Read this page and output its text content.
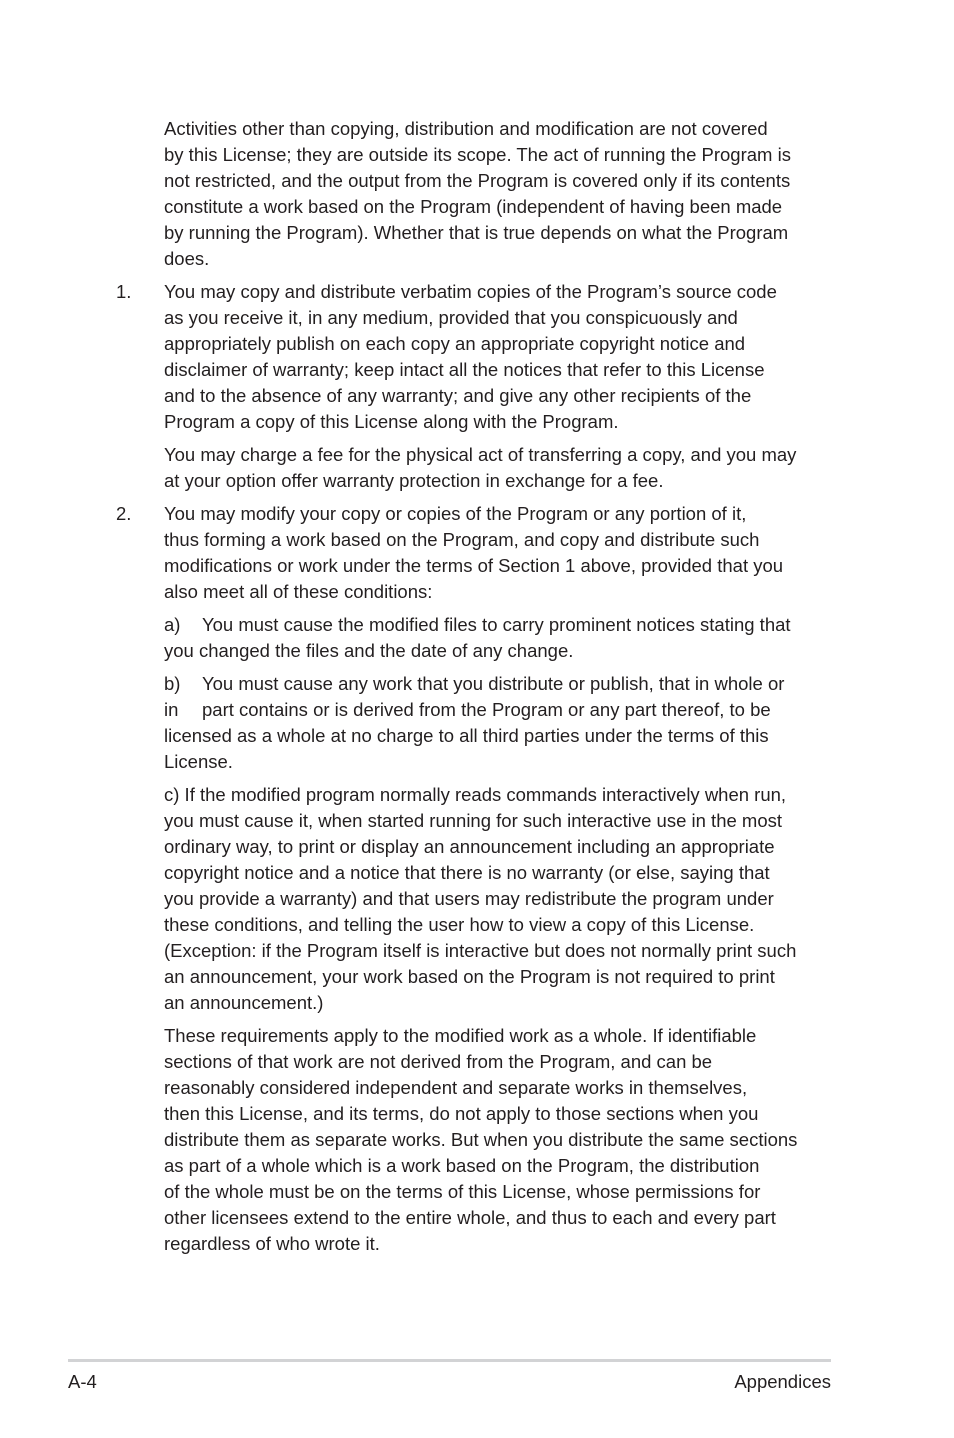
Activities other than copying, distribution and modification are not covered
by this License; they are outside its scope. The act of running the Program is
not restricted, and the output from the Program is covered only if its contents
constitute a work based on the Program (independent of having been made
by running the Program). Whether that is true depends on what the Program
does.
1. You may copy and distribute verbatim copies of the Program’s source code
as you receive it, in any medium, provided that you conspicuously and
appropriately publish on each copy an appropriate copyright notice and
disclaimer of warranty; keep intact all the notices that refer to this License
and to the absence of any warranty; and give any other recipients of the
Program a copy of this License along with the Program.
You may charge a fee for the physical act of transferring a copy, and you may
at your option offer warranty protection in exchange for a fee.
2. You may modify your copy or copies of the Program or any portion of it,
thus forming a work based on the Program, and copy and distribute such
modifications or work under the terms of Section 1 above, provided that you
also meet all of these conditions:
a) You must cause the modified files to carry prominent notices stating that
you changed the files and the date of any change.
b) You must cause any work that you distribute or publish, that in whole or
in part contains or is derived from the Program or any part thereof, to be
licensed as a whole at no charge to all third parties under the terms of this
License.
c) If the modified program normally reads commands interactively when run,
you must cause it, when started running for such interactive use in the most
ordinary way, to print or display an announcement including an appropriate
copyright notice and a notice that there is no warranty (or else, saying that
you provide a warranty) and that users may redistribute the program under
these conditions, and telling the user how to view a copy of this License.
(Exception: if the Program itself is interactive but does not normally print such
an announcement, your work based on the Program is not required to print
an announcement.)
These requirements apply to the modified work as a whole. If identifiable
sections of that work are not derived from the Program, and can be
reasonably considered independent and separate works in themselves,
then this License, and its terms, do not apply to those sections when you
distribute them as separate works. But when you distribute the same sections
as part of a whole which is a work based on the Program, the distribution
of the whole must be on the terms of this License, whose permissions for
other licensees extend to the entire whole, and thus to each and every part
regardless of who wrote it.
A-4	Appendices
